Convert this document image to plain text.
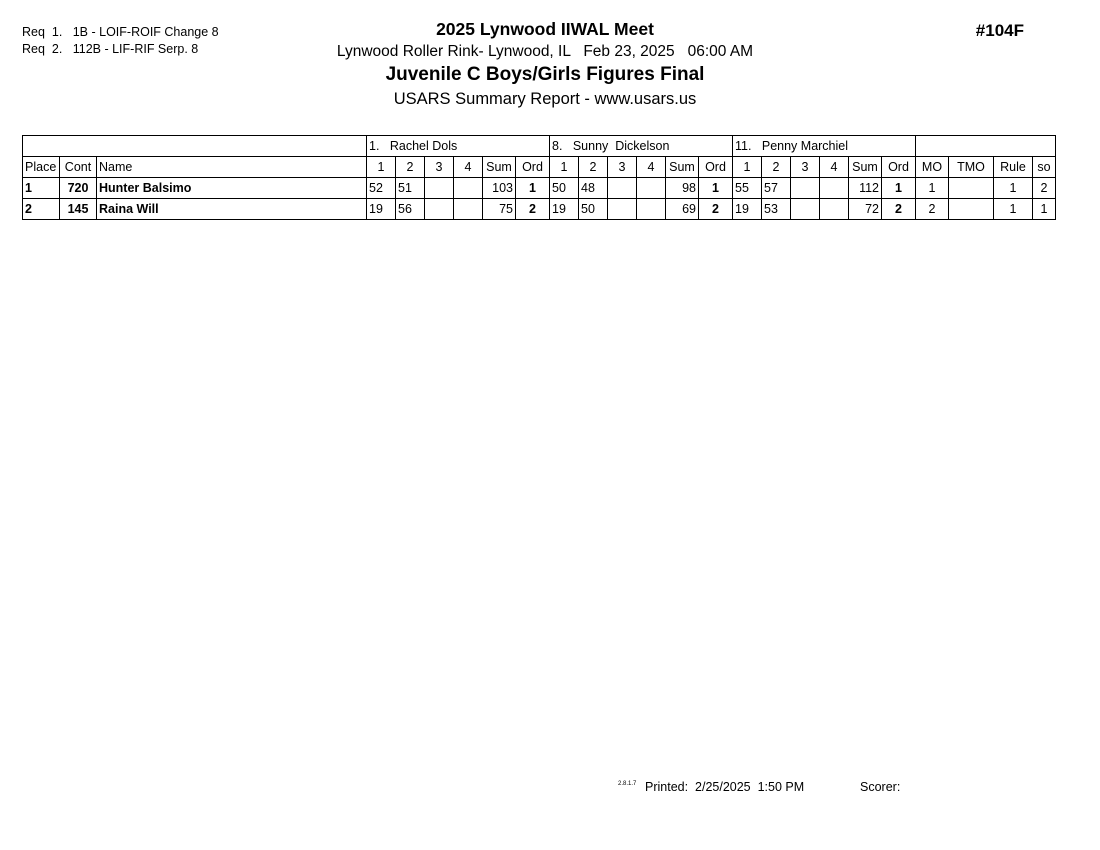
Req  1.   1B - LOIF-ROIF Change 8
Req  2.   112B - LIF-RIF Serp. 8
2025 Lynwood IIWAL Meet
Lynwood Roller Rink- Lynwood, IL   Feb 23, 2025   06:00 AM
Juvenile C Boys/Girls Figures Final
USARS Summary Report - www.usars.us
#104F
			1.   Rachel Dols						8.   Sunny  Dickelson						11.   Penny Marchiel									
Place	Cont	Name	1	2	3	4	Sum	Ord	1	2	3	4	Sum	Ord	1	2	3	4	Sum	Ord	MO	TMO	Rule	so
1	720	Hunter Balsimo	52	51			103	1	50	48			98	1	55	57			112	1	1		1	2
2	145	Raina Will	19	56			75	2	19	50			69	2	19	53			72	2	2		1	1
2.8.1.7 Printed:  2/25/2025  1:50 PM	Scorer:
